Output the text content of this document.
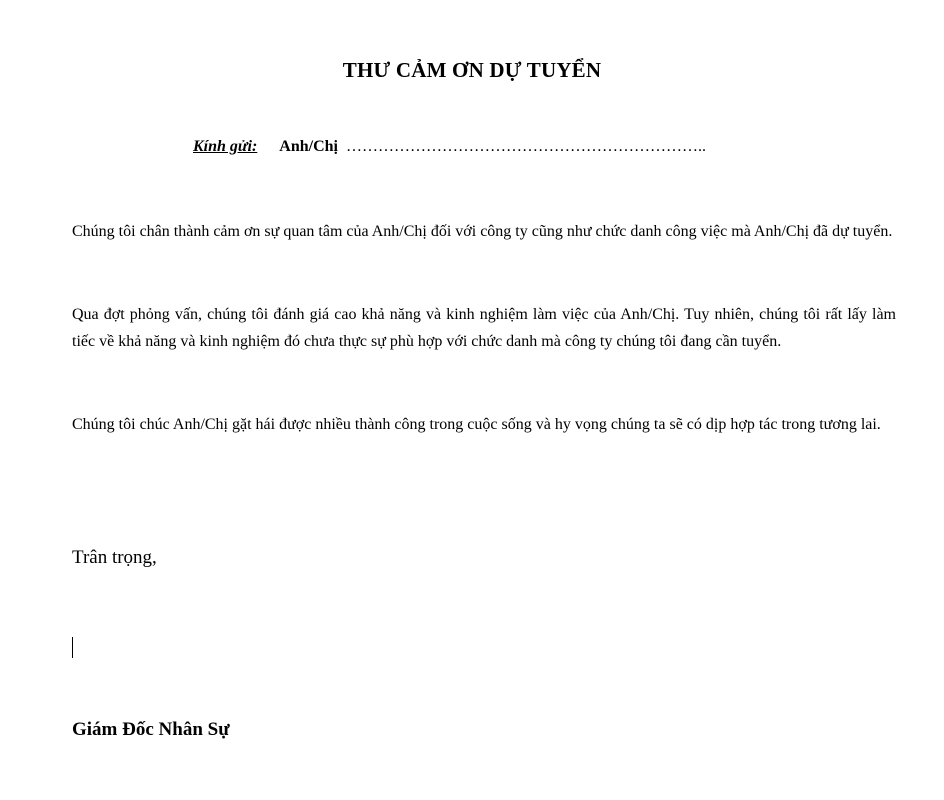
THƯ CẢM ƠN DỰ TUYỂN
Kính gửi: Anh/Chị …………………………………………………………..

Chúng tôi chân thành cảm ơn sự quan tâm của Anh/Chị đối với công ty cũng như chức danh công việc mà Anh/Chị đã dự tuyển.

Qua đợt phỏng vấn, chúng tôi đánh giá cao khả năng và kinh nghiệm làm việc của Anh/Chị. Tuy nhiên, chúng tôi rất lấy làm tiếc về khả năng và kinh nghiệm đó chưa thực sự phù hợp với chức danh mà công ty chúng tôi đang cần tuyển.

Chúng tôi chúc Anh/Chị gặt hái được nhiều thành công trong cuộc sống và hy vọng chúng ta sẽ có dịp hợp tác trong tương lai.

Trân trọng,
Giám Đốc Nhân Sự
